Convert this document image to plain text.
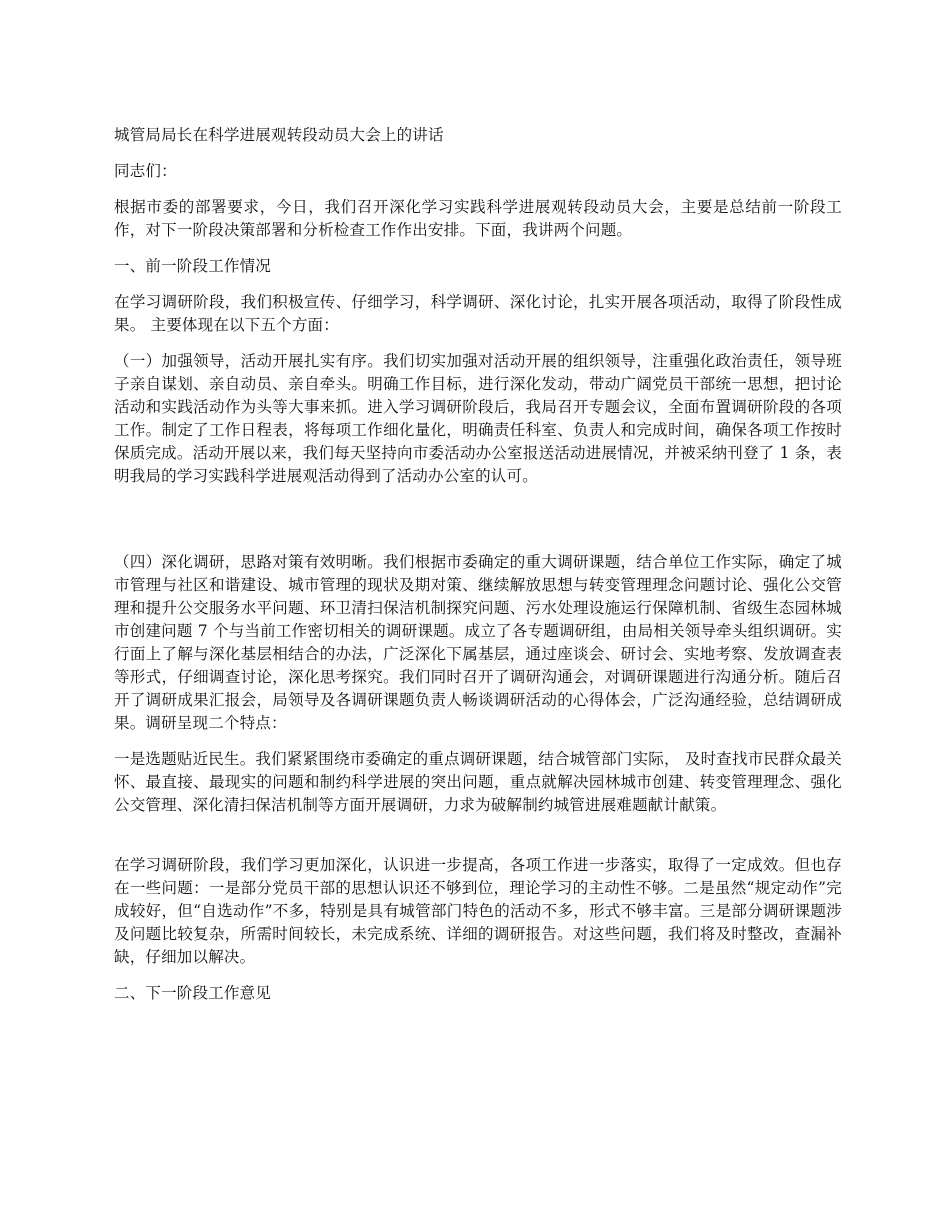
城管局局长在科学进展观转段动员大会上的讲话

同志们：

根据市委的部署要求，今日，我们召开深化学习实践科学进展观转段动员大会，主要是总结前一阶段工作，对下一阶段决策部署和分析检查工作作出安排。下面，我讲两个问题。

一、前一阶段工作情况

在学习调研阶段，我们积极宣传、仔细学习，科学调研、深化讨论，扎实开展各项活动，取得了阶段性成果。 主要体现在以下五个方面：

（一）加强领导，活动开展扎实有序。我们切实加强对活动开展的组织领导，注重强化政治责任，领导班子亲自谋划、亲自动员、亲自牵头。明确工作目标，进行深化发动，带动广阔党员干部统一思想，把讨论活动和实践活动作为头等大事来抓。进入学习调研阶段后，我局召开专题会议，全面布置调研阶段的各项工作。制定了工作日程表，将每项工作细化量化，明确责任科室、负责人和完成时间，确保各项工作按时保质完成。活动开展以来，我们每天坚持向市委活动办公室报送活动进展情况，并被采纳刊登了 1 条，表明我局的学习实践科学进展观活动得到了活动办公室的认可。

（四）深化调研，思路对策有效明晰。我们根据市委确定的重大调研课题，结合单位工作实际，确定了城市管理与社区和谐建设、城市管理的现状及期对策、继续解放思想与转变管理理念问题讨论、强化公交管理和提升公交服务水平问题、环卫清扫保洁机制探究问题、污水处理设施运行保障机制、省级生态园林城市创建问题 7 个与当前工作密切相关的调研课题。成立了各专题调研组，由局相关领导牵头组织调研。实行面上了解与深化基层相结合的办法，广泛深化下属基层，通过座谈会、研讨会、实地考察、发放调查表等形式，仔细调查讨论，深化思考探究。我们同时召开了调研沟通会，对调研课题进行沟通分析。随后召开了调研成果汇报会，局领导及各调研课题负责人畅谈调研活动的心得体会，广泛沟通经验，总结调研成果。调研呈现二个特点：

一是选题贴近民生。我们紧紧围绕市委确定的重点调研课题，结合城管部门实际， 及时查找市民群众最关怀、最直接、最现实的问题和制约科学进展的突出问题，重点就解决园林城市创建、转变管理理念、强化公交管理、深化清扫保洁机制等方面开展调研，力求为破解制约城管进展难题献计献策。

在学习调研阶段，我们学习更加深化，认识进一步提高，各项工作进一步落实，取得了一定成效。但也存在一些问题：一是部分党员干部的思想认识还不够到位，理论学习的主动性不够。二是虽然“规定动作”完成较好，但“自选动作”不多，特别是具有城管部门特色的活动不多，形式不够丰富。三是部分调研课题涉及问题比较复杂，所需时间较长，未完成系统、详细的调研报告。对这些问题，我们将及时整改，查漏补缺，仔细加以解决。

二、下一阶段工作意见
